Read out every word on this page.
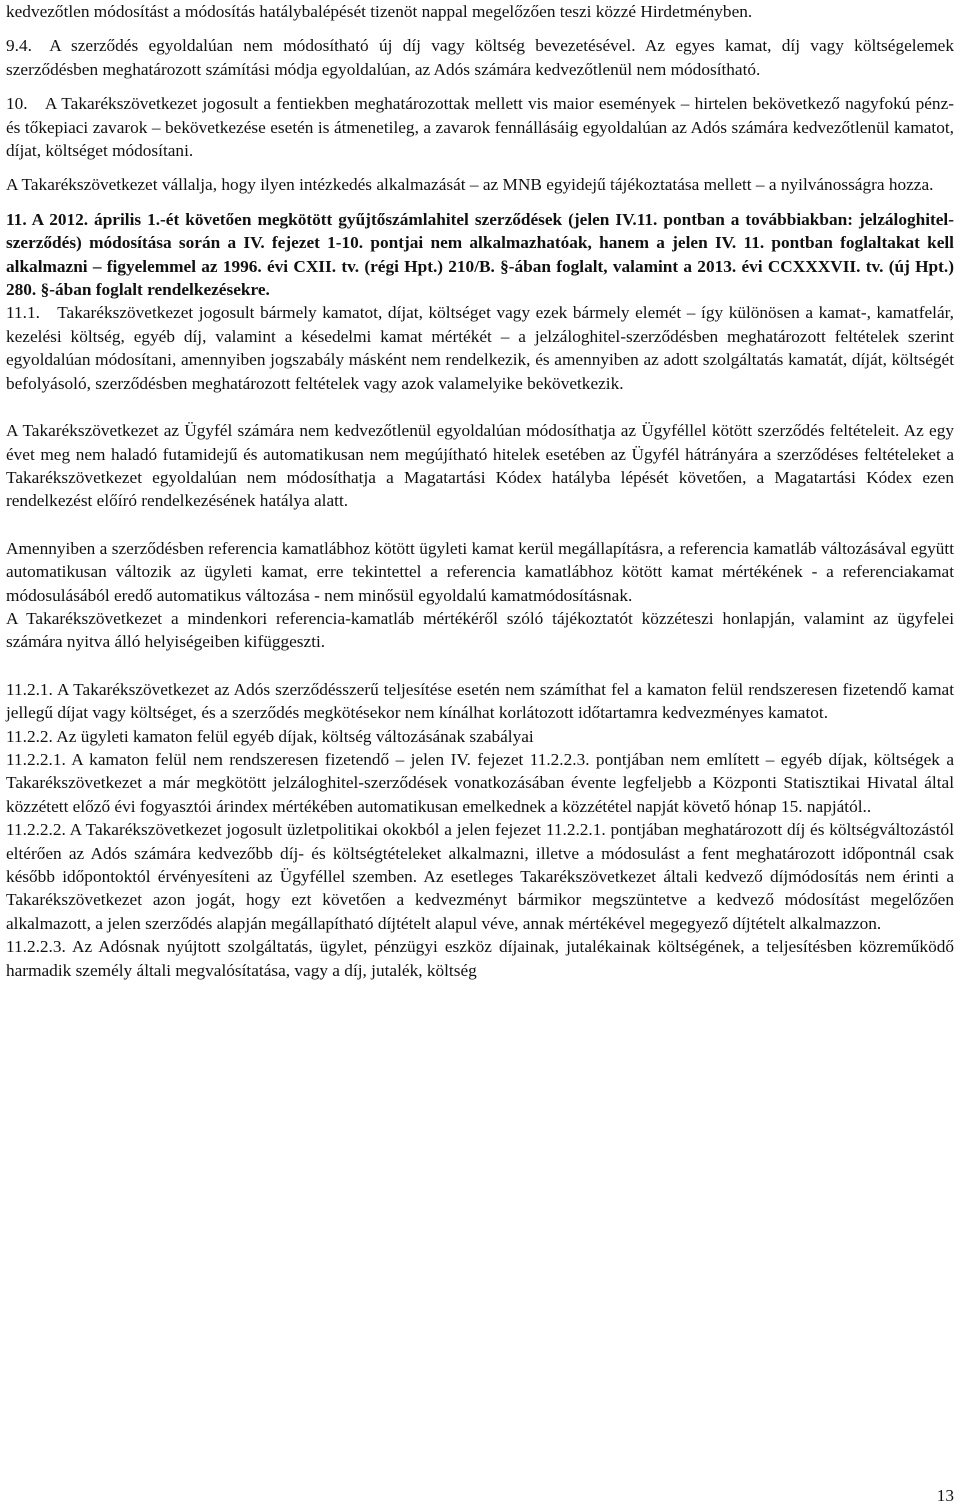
kedvezőtlen módosítást a módosítás hatálybalépését tizenöt nappal megelőzően teszi közzé Hirdetményben.

9.4. A szerződés egyoldalúan nem módosítható új díj vagy költség bevezetésével. Az egyes kamat, díj vagy költségelemek szerződésben meghatározott számítási módja egyoldalúan, az Adós számára kedvezőtlenül nem módosítható.

10. A Takarékszövetkezet jogosult a fentiekben meghatározottak mellett vis maior események – hirtelen bekövetkező nagyfokú pénz- és tőkepiaci zavarok – bekövetkezése esetén is átmenetileg, a zavarok fennállásáig egyoldalúan az Adós számára kedvezőtlenül kamatot, díjat, költséget módosítani.

A Takarékszövetkezet vállalja, hogy ilyen intézkedés alkalmazását – az MNB egyidejű tájékoztatása mellett – a nyilvánosságra hozza.

11. A 2012. április 1.-ét követően megkötött gyűjtőszámlahitel szerződések (jelen IV.11. pontban a továbbiakban: jelzáloghitel-szerződés) módosítása során a IV. fejezet 1-10. pontjai nem alkalmazhatóak, hanem a jelen IV. 11. pontban foglaltakat kell alkalmazni – figyelemmel az 1996. évi CXII. tv. (régi Hpt.) 210/B. §-ában foglalt, valamint a 2013. évi CCXXXVII. tv. (új Hpt.) 280. §-ában foglalt rendelkezésekre.

11.1. Takarékszövetkezet jogosult bármely kamatot, díjat, költséget vagy ezek bármely elemét – így különösen a kamat-, kamatfelár, kezelési költség, egyéb díj, valamint a késedelmi kamat mértékét – a jelzáloghitel-szerződésben meghatározott feltételek szerint egyoldalúan módosítani, amennyiben jogszabály másként nem rendelkezik, és amennyiben az adott szolgáltatás kamatát, díját, költségét befolyásoló, szerződésben meghatározott feltételek vagy azok valamelyike bekövetkezik.

A Takarékszövetkezet az Ügyfél számára nem kedvezőtlenül egyoldalúan módosíthatja az Ügyféllel kötött szerződés feltételeit. Az egy évet meg nem haladó futamidejű és automatikusan nem megújítható hitelek esetében az Ügyfél hátrányára a szerződéses feltételeket a Takarékszövetkezet egyoldalúan nem módosíthatja a Magatartási Kódex hatályba lépését követően, a Magatartási Kódex ezen rendelkezést előíró rendelkezésének hatálya alatt.

Amennyiben a szerződésben referencia kamatlábhoz kötött ügyleti kamat kerül megállapításra, a referencia kamatláb változásával együtt automatikusan változik az ügyleti kamat, erre tekintettel a referencia kamatlábhoz kötött kamat mértékének - a referenciakamat módosulásából eredő automatikus változása - nem minősül egyoldalú kamatmódosításnak.

A Takarékszövetkezet a mindenkori referencia-kamatláb mértékéről szóló tájékoztatót közzéteszi honlapján, valamint az ügyfelei számára nyitva álló helyiségeiben kifüggeszti.

11.2.1. A Takarékszövetkezet az Adós szerződésszerű teljesítése esetén nem számíthat fel a kamaton felül rendszeresen fizetendő kamat jellegű díjat vagy költséget, és a szerződés megkötésekor nem kínálhat korlátozott időtartamra kedvezményes kamatot.

11.2.2. Az ügyleti kamaton felül egyéb díjak, költség változásának szabályai

11.2.2.1. A kamaton felül nem rendszeresen fizetendő – jelen IV. fejezet 11.2.2.3. pontjában nem említett – egyéb díjak, költségek a Takarékszövetkezet a már megkötött jelzáloghitel-szerződések vonatkozásában évente legfeljebb a Központi Statisztikai Hivatal által közzétett előző évi fogyasztói árindex mértékében automatikusan emelkednek a közzététel napját követő hónap 15. napjától..

11.2.2.2. A Takarékszövetkezet jogosult üzletpolitikai okokból a jelen fejezet 11.2.2.1. pontjában meghatározott díj és költségváltozástól eltérően az Adós számára kedvezőbb díj- és költségtételeket alkalmazni, illetve a módosulást a fent meghatározott időpontnál csak később időpontoktól érvényesíteni az Ügyféllel szemben. Az esetleges Takarékszövetkezet általi kedvező díjmódosítás nem érinti a Takarékszövetkezet azon jogát, hogy ezt követően a kedvezményt bármikor megszüntetve a kedvező módosítást megelőzően alkalmazott, a jelen szerződés alapján megállapítható díjtételt alapul véve, annak mértékével megegyező díjtételt alkalmazzon.

11.2.2.3. Az Adósnak nyújtott szolgáltatás, ügylet, pénzügyi eszköz díjainak, jutalékainak költségének, a teljesítésben közreműködő harmadik személy általi megvalósítatása, vagy a díj, jutalék, költség

13
